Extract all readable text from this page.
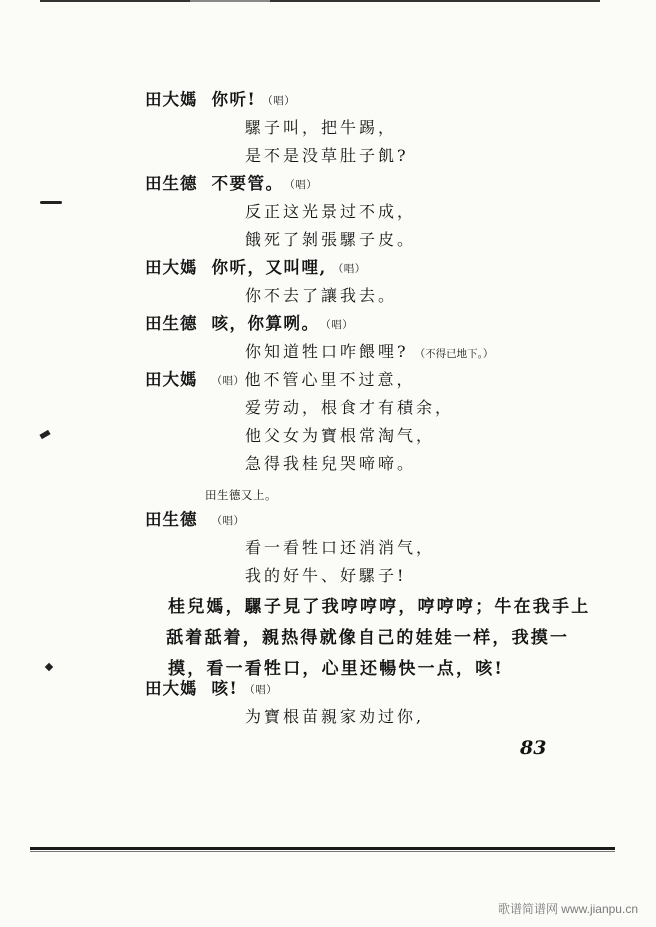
田大媽 你听! （唱）
騾子叫，把牛踢，
是不是没草肚子飢?
田生德 不要管。 （唱）
反正这光景过不成，
餓死了剝張騾子皮。
田大媽 你听，又叫哩, （唱）
你不去了讓我去。
田生德 咳，你算咧。 （唱）
你知道牲口咋餵哩? （不得已地下。）
田大媽 （唱）他不管心里不过意，
爱劳动，根食才有積余，
他父女为寶根常淘气，
急得我桂兒哭啼啼。
田生德又上。
田生德 （唱）
看一看牲口还消消气，
我的好牛、好騾子!
桂兒媽，騾子見了我哼哼哼，哼哼哼；牛在我手上
舐着舐着，親热得就像自己的娃娃一样，我摸一
摸，看一看牲口，心里还暢快一点，咳!
田大媽 咳! （唱）
为寶根苗親家劝过你,
83
歌谱简谱网 www.jianpu.cn
